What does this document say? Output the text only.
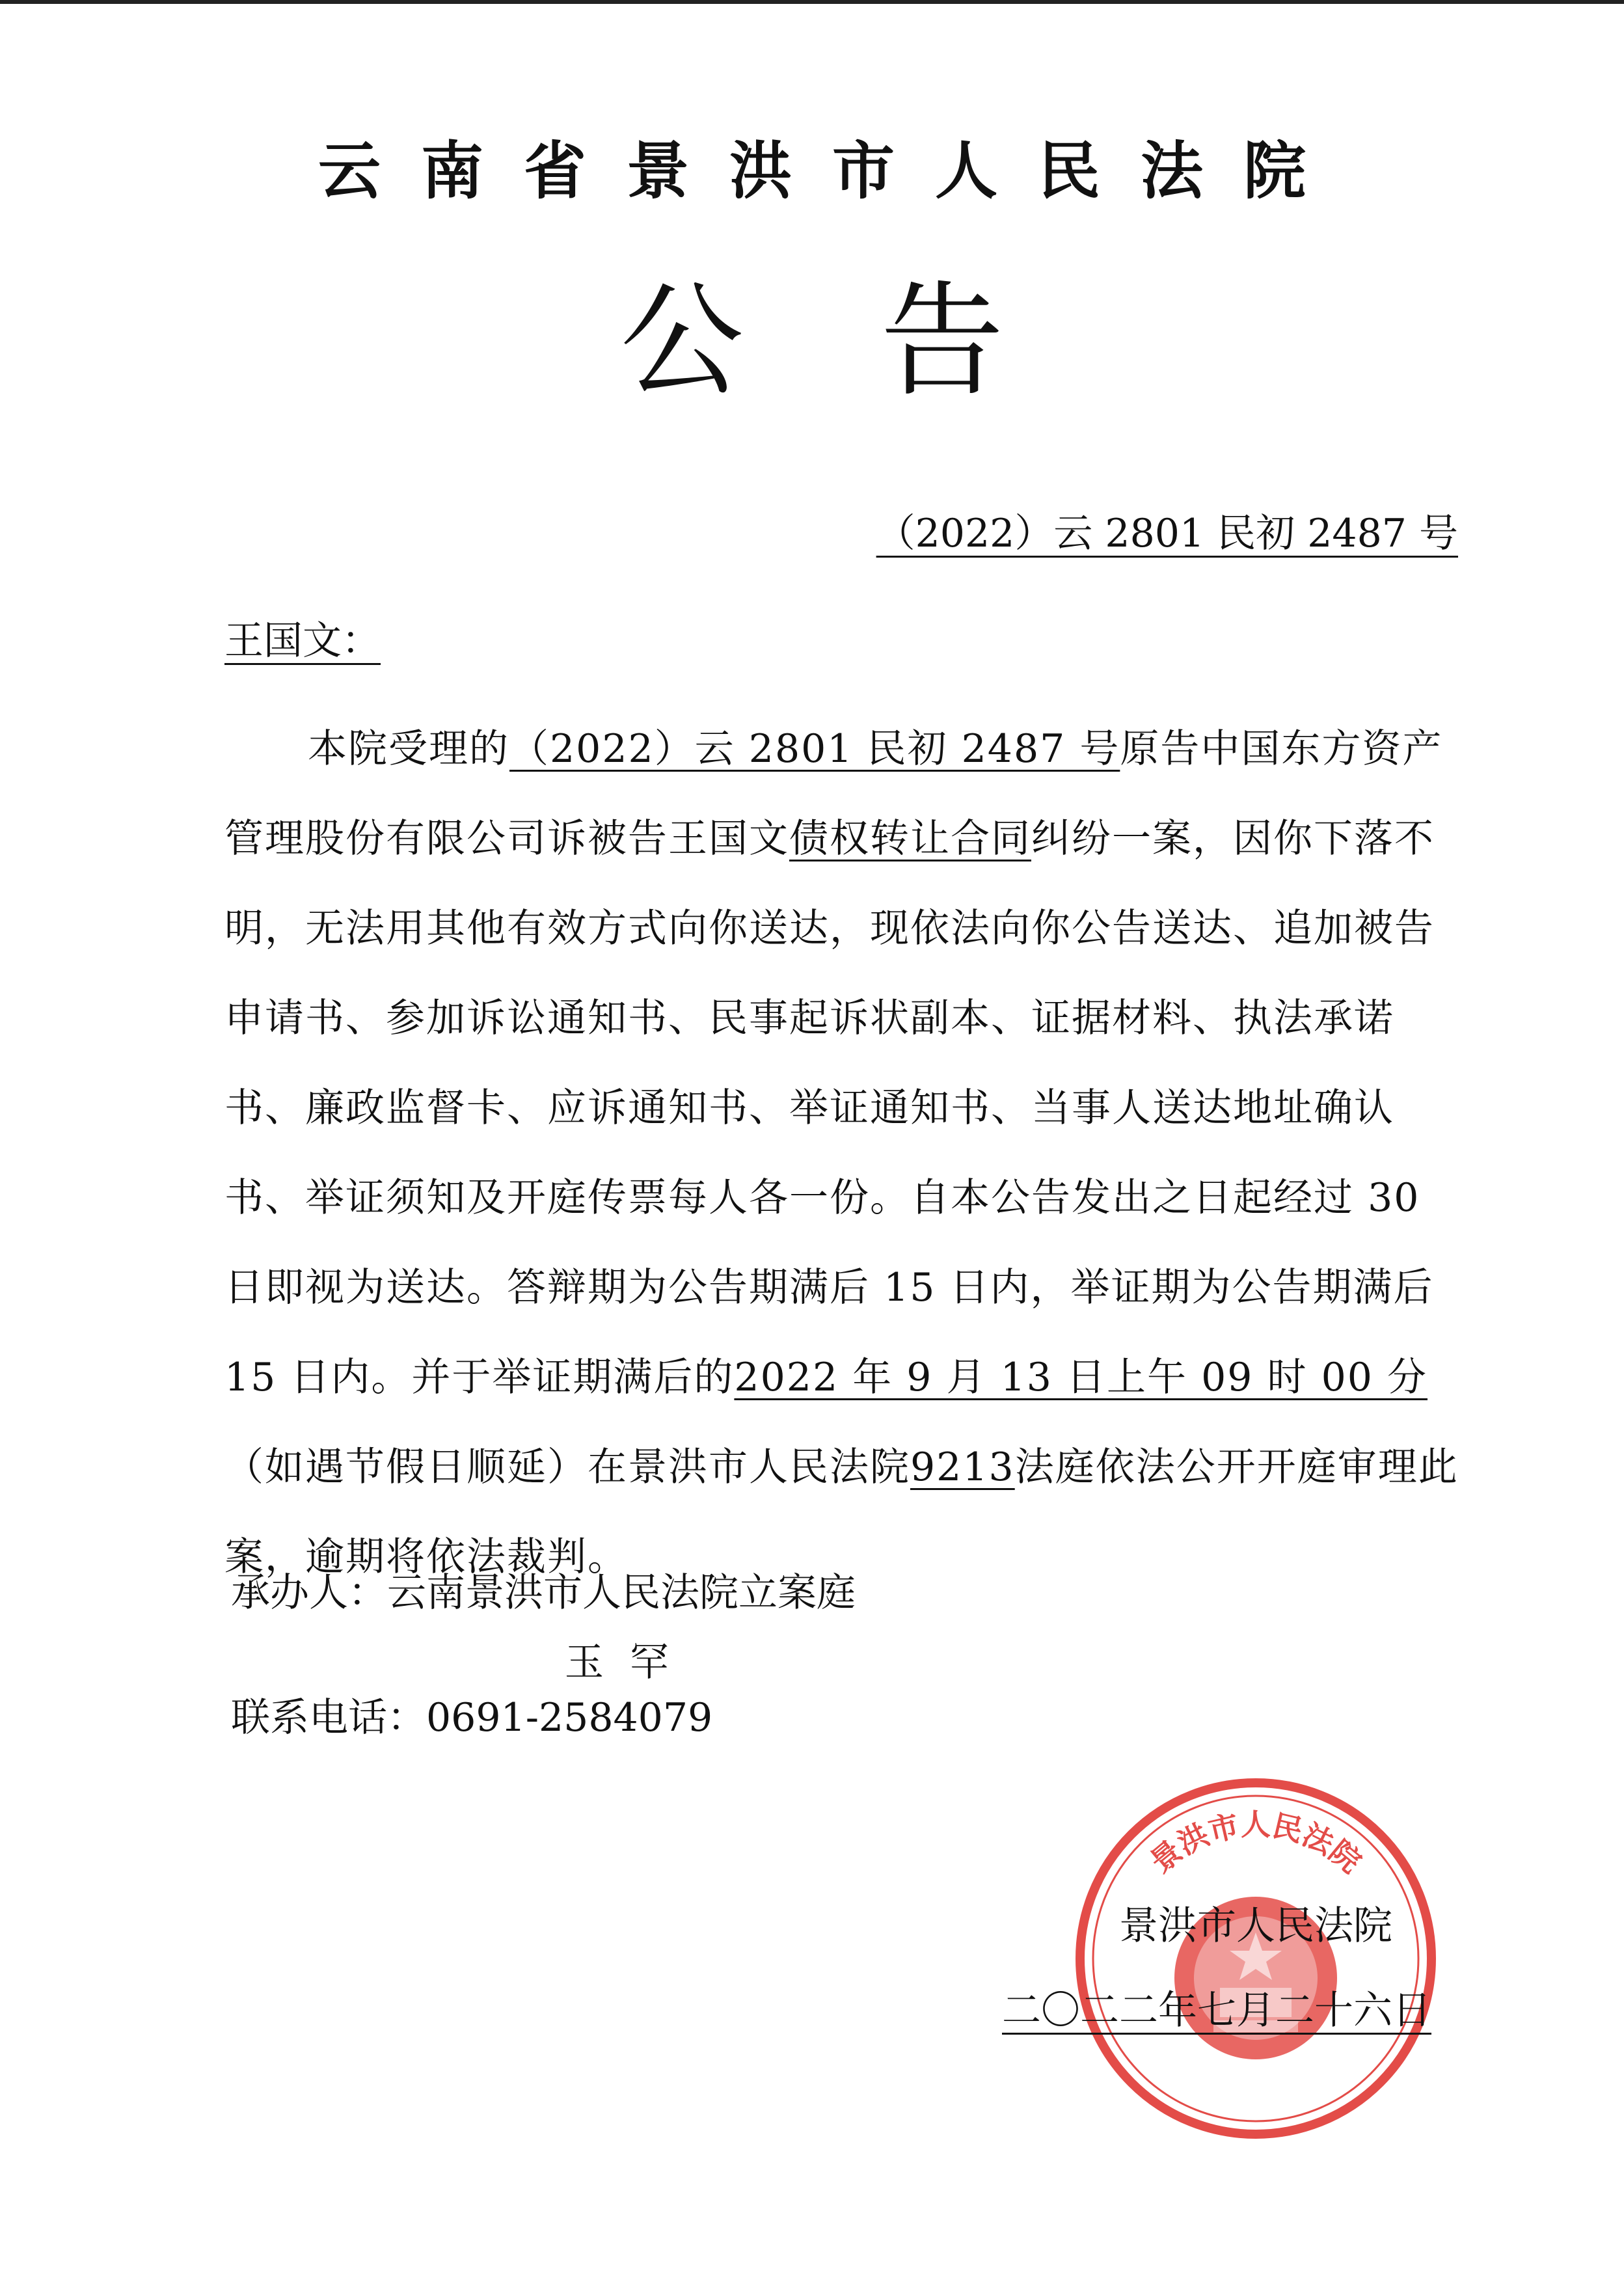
云南省景洪市人民法院
公告
（2022）云 2801 民初 2487 号
王国文：

本院受理的（2022）云 2801 民初 2487 号原告中国东方资产管理股份有限公司诉被告王国文债权转让合同纠纷一案，因你下落不明，无法用其他有效方式向你送达，现依法向你公告送达、追加被告申请书、参加诉讼通知书、民事起诉状副本、证据材料、执法承诺书、廉政监督卡、应诉通知书、举证通知书、当事人送达地址确认书、举证须知及开庭传票每人各一份。自本公告发出之日起经过 30 日即视为送达。答辩期为公告期满后 15 日内，举证期为公告期满后 15 日内。并于举证期满后的2022 年 9 月 13 日上午 09 时 00 分（如遇节假日顺延）在景洪市人民法院9213法庭依法公开开庭审理此案，逾期将依法裁判。

承办人：云南景洪市人民法院立案庭
玉罕
联系电话：0691-2584079
景洪市人民法院
景洪市人民法院
二〇二二年七月二十六日
